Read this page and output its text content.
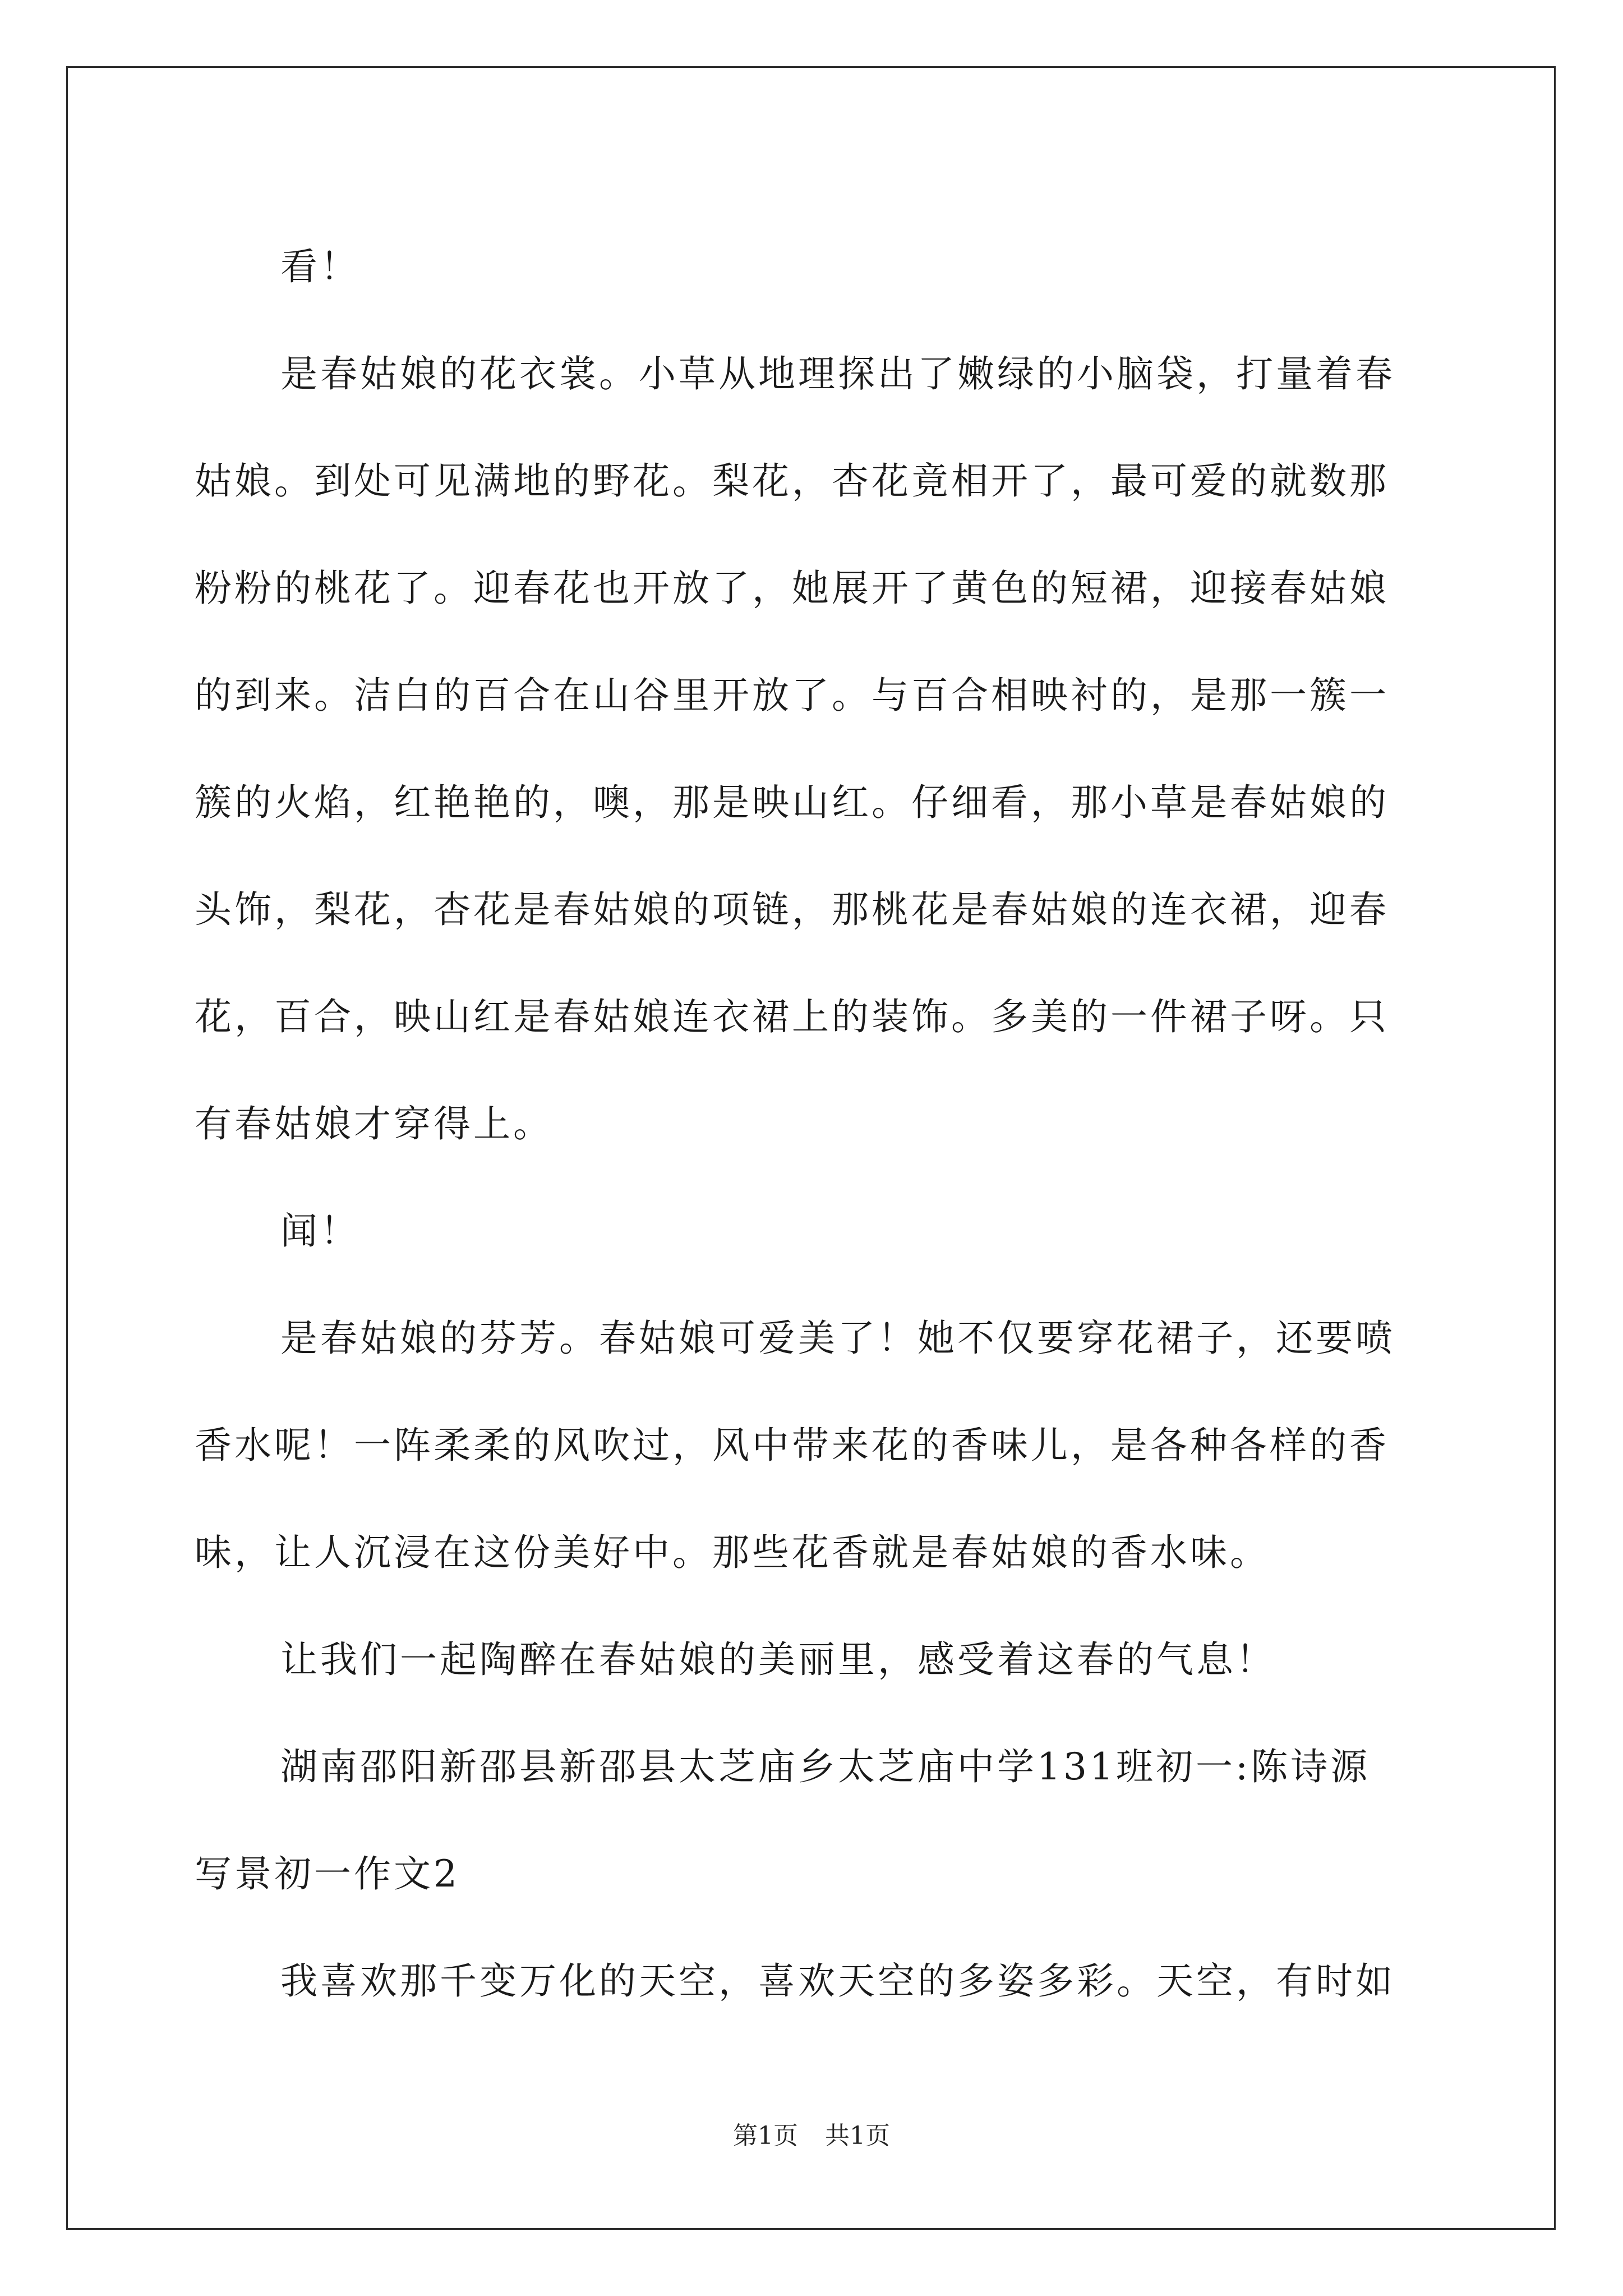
看！

是春姑娘的花衣裳。小草从地理探出了嫩绿的小脑袋，打量着春姑娘。到处可见满地的野花。梨花，杏花竟相开了，最可爱的就数那粉粉的桃花了。迎春花也开放了，她展开了黄色的短裙，迎接春姑娘的到来。洁白的百合在山谷里开放了。与百合相映衬的，是那一簇一簇的火焰，红艳艳的，噢，那是映山红。仔细看，那小草是春姑娘的头饰，梨花，杏花是春姑娘的项链，那桃花是春姑娘的连衣裙，迎春花，百合，映山红是春姑娘连衣裙上的装饰。多美的一件裙子呀。只有春姑娘才穿得上。

闻！

是春姑娘的芬芳。春姑娘可爱美了！她不仅要穿花裙子，还要喷香水呢！一阵柔柔的风吹过，风中带来花的香味儿，是各种各样的香味，让人沉浸在这份美好中。那些花香就是春姑娘的香水味。

让我们一起陶醉在春姑娘的美丽里，感受着这春的气息！

湖南邵阳新邵县新邵县太芝庙乡太芝庙中学131班初一:陈诗源

写景初一作文2

我喜欢那千变万化的天空，喜欢天空的多姿多彩。天空，有时如

第1页 共1页
